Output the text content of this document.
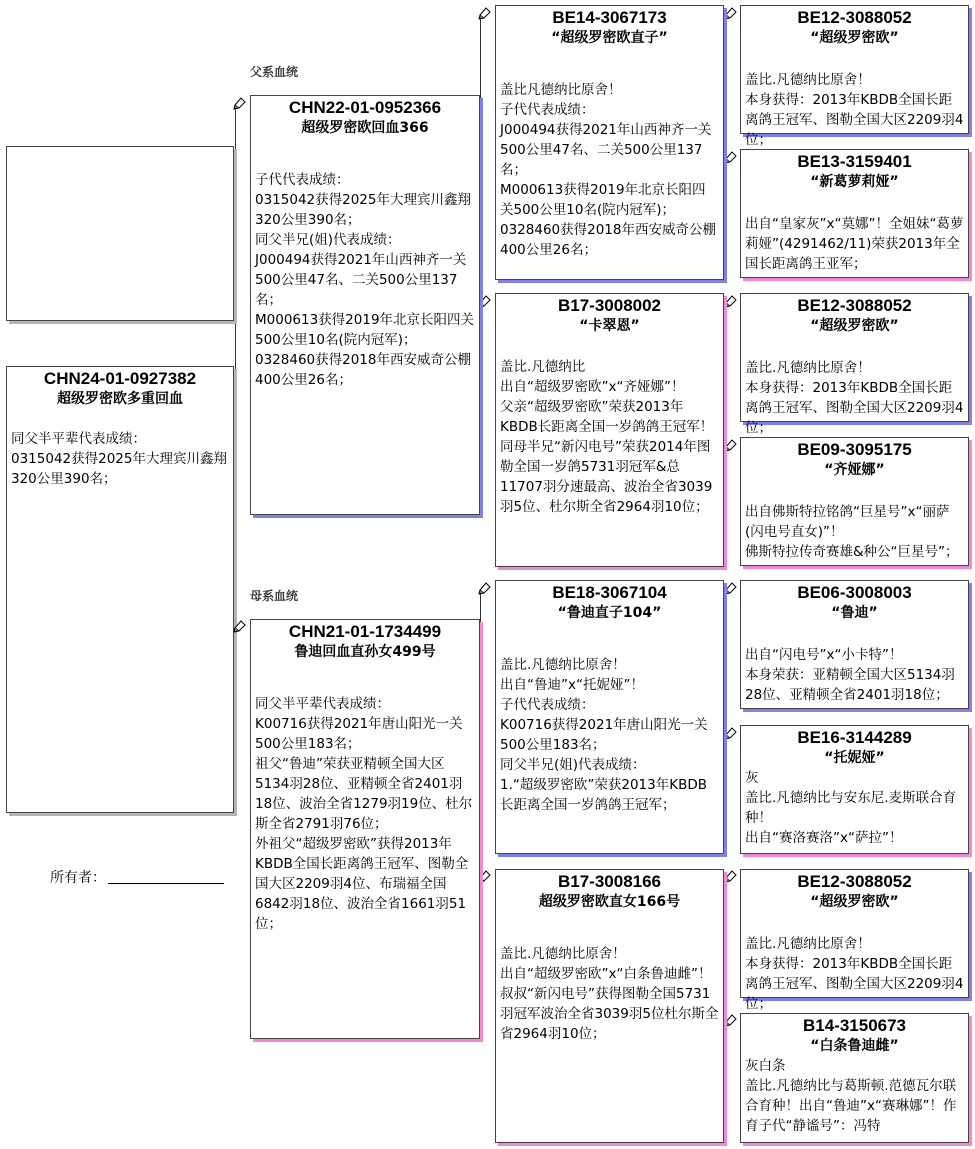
CHN24-01-0927382
超级罗密欧多重回血
同父半平辈代表成绩：
0315042获得2025年大理宾川鑫翔320公里390名；
所有者：
父系血统
母系血统
CHN22-01-0952366
超级罗密欧回血366
子代代表成绩：
0315042获得2025年大理宾川鑫翔320公里390名；
同父半兄(姐)代表成绩：
J000494获得2021年山西神齐一关500公里47名、二关500公里137名；
M000613获得2019年北京长阳四关500公里10名(院内冠军)；
0328460获得2018年西安威奇公棚400公里26名；
CHN21-01-1734499
鲁迪回血直孙女499号
同父半平辈代表成绩：
K00716获得2021年唐山阳光一关500公里183名；
祖父“鲁迪”荣获亚精顿全国大区5134羽28位、亚精顿全省2401羽18位、波治全省1279羽19位、杜尔斯全省2791羽76位；
外祖父“超级罗密欧”获得2013年KBDB全国长距离鸽王冠军、图勒全国大区2209羽4位、布瑞福全国6842羽18位、波治全省1661羽51位；
BE14-3067173
“超级罗密欧直子”
盖比凡德纳比原舍！
子代代表成绩：
J000494获得2021年山西神齐一关500公里47名、二关500公里137名；
M000613获得2019年北京长阳四关500公里10名(院内冠军)；
0328460获得2018年西安威奇公棚400公里26名；
B17-3008002
“卡翠恩”
盖比.凡德纳比
出自“超级罗密欧”x“齐娅娜”！
父亲“超级罗密欧”荣获2013年KBDB长距离全国一岁鸽鸽王冠军！
同母半兄“新闪电号”荣获2014年图勒全国一岁鸽5731羽冠军&总11707羽分速最高、波治全省3039羽5位、杜尔斯全省2964羽10位；
BE18-3067104
“鲁迪直子104”
盖比.凡德纳比原舍！
出自“鲁迪”x“托妮娅”！
子代代表成绩：
K00716获得2021年唐山阳光一关500公里183名；
同父半兄(姐)代表成绩：
1.“超级罗密欧”荣获2013年KBDB长距离全国一岁鸽鸽王冠军；
B17-3008166
超级罗密欧直女166号
盖比.凡德纳比原舍！
出自“超级罗密欧”x“白条鲁迪雌”！
叔叔“新闪电号”获得图勒全国5731羽冠军波治全省3039羽5位杜尔斯全省2964羽10位；
BE12-3088052
“超级罗密欧”
盖比.凡德纳比原舍！
本身获得：2013年KBDB全国长距离鸽王冠军、图勒全国大区2209羽4位；
BE13-3159401
“新葛萝莉娅”
出自“皇家灰”x“莫娜”！全姐妹“葛萝莉娅”(4291462/11)荣获2013年全国长距离鸽王亚军；
BE12-3088052
“超级罗密欧”
盖比.凡德纳比原舍！
本身获得：2013年KBDB全国长距离鸽王冠军、图勒全国大区2209羽4位；
BE09-3095175
“齐娅娜”
出自佛斯特拉铭鸽“巨星号”x“丽萨(闪电号直女)”！
佛斯特拉传奇赛雄&种公“巨星号”；
BE06-3008003
“鲁迪”
出自“闪电号”x“小卡特”！
本身荣获：亚精顿全国大区5134羽28位、亚精顿全省2401羽18位；
BE16-3144289
“托妮娅”
灰
盖比.凡德纳比与安东尼.麦斯联合育种！
出自“赛洛赛洛”x“萨拉”！
BE12-3088052
“超级罗密欧”
盖比.凡德纳比原舍！
本身获得：2013年KBDB全国长距离鸽王冠军、图勒全国大区2209羽4位；
B14-3150673
“白条鲁迪雌”
灰白条
盖比.凡德纳比与葛斯顿.范德瓦尔联合育种！出自“鲁迪”x“赛琳娜”！作育子代“静谧号”：冯特
